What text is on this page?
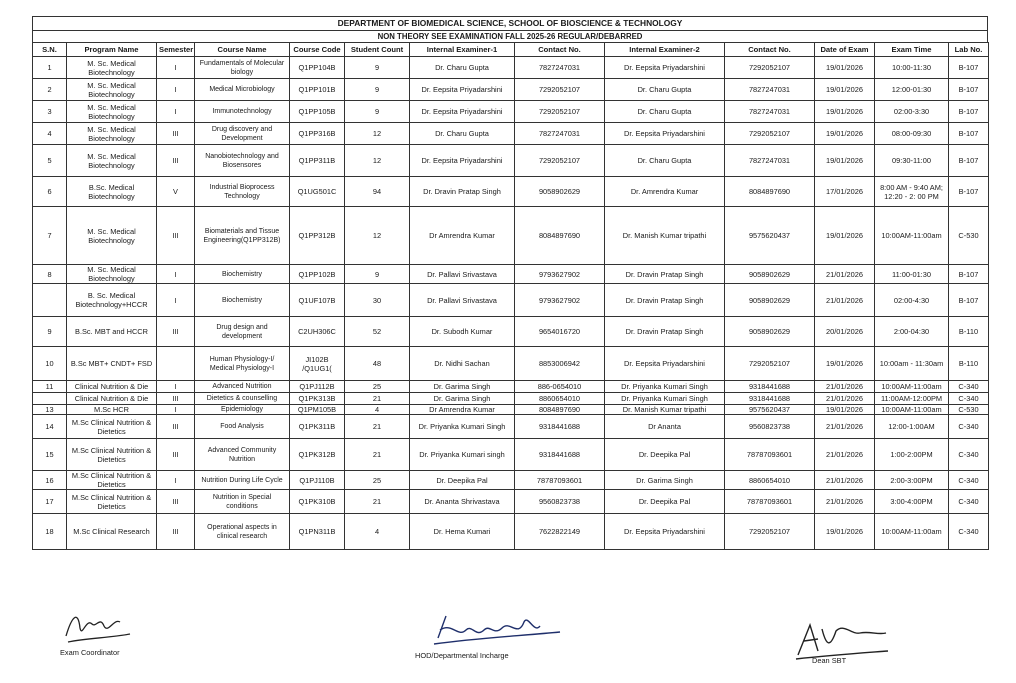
DEPARTMENT OF BIOMEDICAL SCIENCE, SCHOOL OF BIOSCIENCE & TECHNOLOGY
NON THEORY SEE EXAMINATION FALL 2025-26 REGULAR/DEBARRED
S.N.	Program Name	Semester	Course Name	Course Code	Student Count	Internal Examiner-1	Contact No.	Internal Examiner-2	Contact No.	Date of Exam	Exam Time	Lab No.
1	M. Sc. Medical Biotechnology	I	Fundamentals of Molecular biology	Q1PP104B	9	Dr. Charu Gupta	7827247031	Dr. Eepsita Priyadarshini	7292052107	19/01/2026	10:00-11:30	B-107
2	M. Sc. Medical Biotechnology	I	Medical Microbiology	Q1PP101B	9	Dr. Eepsita Priyadarshini	7292052107	Dr. Charu Gupta	7827247031	19/01/2026	12:00-01:30	B-107
3	M. Sc. Medical Biotechnology	I	Immunotechnology	Q1PP105B	9	Dr. Eepsita Priyadarshini	7292052107	Dr. Charu Gupta	7827247031	19/01/2026	02:00-3:30	B-107
4	M. Sc. Medical Biotechnology	III	Drug discovery and Development	Q1PP316B	12	Dr. Charu Gupta	7827247031	Dr. Eepsita Priyadarshini	7292052107	19/01/2026	08:00-09:30	B-107
5	M. Sc. Medical Biotechnology	III	Nanobiotechnology and Biosensores	Q1PP311B	12	Dr. Eepsita Priyadarshini	7292052107	Dr. Charu Gupta	7827247031	19/01/2026	09:30-11:00	B-107
6	B.Sc. Medical Biotechnology	V	Industrial Bioprocess Technology	Q1UG501C	94	Dr. Dravin Pratap Singh	9058902629	Dr. Amrendra Kumar	8084897690	17/01/2026	8:00 AM - 9:40 AM; 12:20 - 2: 00 PM	B-107
7	M. Sc. Medical Biotechnology	III	Biomaterials and Tissue Engineering(Q1PP312B)	Q1PP312B	12	Dr Amrendra Kumar	8084897690	Dr. Manish Kumar tripathi	9575620437	19/01/2026	10:00AM-11:00am	C-530
8	M. Sc. Medical Biotechnology	I	Biochemistry	Q1PP102B	9	Dr. Pallavi Srivastava	9793627902	Dr. Dravin Pratap Singh	9058902629	21/01/2026	11:00-01:30	B-107
	B. Sc. Medical Biotechnology+HCCR	I	Biochemistry	Q1UF107B	30	Dr. Pallavi Srivastava	9793627902	Dr. Dravin Pratap Singh	9058902629	21/01/2026	02:00-4:30	B-107
9	B.Sc. MBT and HCCR	III	Drug design and development	C2UH306C	52	Dr. Subodh Kumar	9654016720	Dr. Dravin Pratap Singh	9058902629	20/01/2026	2:00-04:30	B-110
10	B.Sc MBT+ CNDT+ FSD		Human Physiology-I/ Medical Physiology-I	JI102B /Q1UG1(	48	Dr. Nidhi Sachan	8853006942	Dr. Eepsita Priyadarshini	7292052107	19/01/2026	10:00am - 11:30am	B-110
11	Clinical Nutrition & Die	I	Advanced Nutrition	Q1PJ112B	25	Dr. Garima Singh	886-0654010	Dr. Priyanka Kumari Singh	9318441688	21/01/2026	10:00AM-11:00am	C-340
	Clinical Nutrition & Die	III	Dietetics & counselling	Q1PK313B	21	Dr. Garima Singh	8860654010	Dr. Priyanka Kumari Singh	9318441688	21/01/2026	11:00AM-12:00PM	C-340
13	M.Sc HCR	I	Epidemiology	Q1PM105B	4	Dr Amrendra Kumar	8084897690	Dr. Manish Kumar tripathi	9575620437	19/01/2026	10:00AM-11:00am	C-530
14	M.Sc Clinical Nutrition & Dietetics	III	Food Analysis	Q1PK311B	21	Dr. Priyanka Kumari Singh	9318441688	Dr Ananta	9560823738	21/01/2026	12:00-1:00AM	C-340
15	M.Sc Clinical Nutrition & Dietetics	III	Advanced Community Nutrition	Q1PK312B	21	Dr. Priyanka Kumari singh	9318441688	Dr. Deepika Pal	78787093601	21/01/2026	1:00-2:00PM	C-340
16	M.Sc Clinical Nutrition & Dietetics	I	Nutrition During Life Cycle	Q1PJ110B	25	Dr. Deepika Pal	78787093601	Dr. Garima Singh	8860654010	21/01/2026	2:00-3:00PM	C-340
17	M.Sc Clinical Nutrition & Dietetics	III	Nutrition in Special conditions	Q1PK310B	21	Dr. Ananta Shrivastava	9560823738	Dr. Deepika Pal	78787093601	21/01/2026	3:00-4:00PM	C-340
18	M.Sc Clinical Research	III	Operational aspects in clinical research	Q1PN311B	4	Dr. Hema Kumari	7622822149	Dr. Eepsita Priyadarshini	7292052107	19/01/2026	10:00AM-11:00am	C-340
Exam Coordinator	HOD/Departmental Incharge
Dean SBT
